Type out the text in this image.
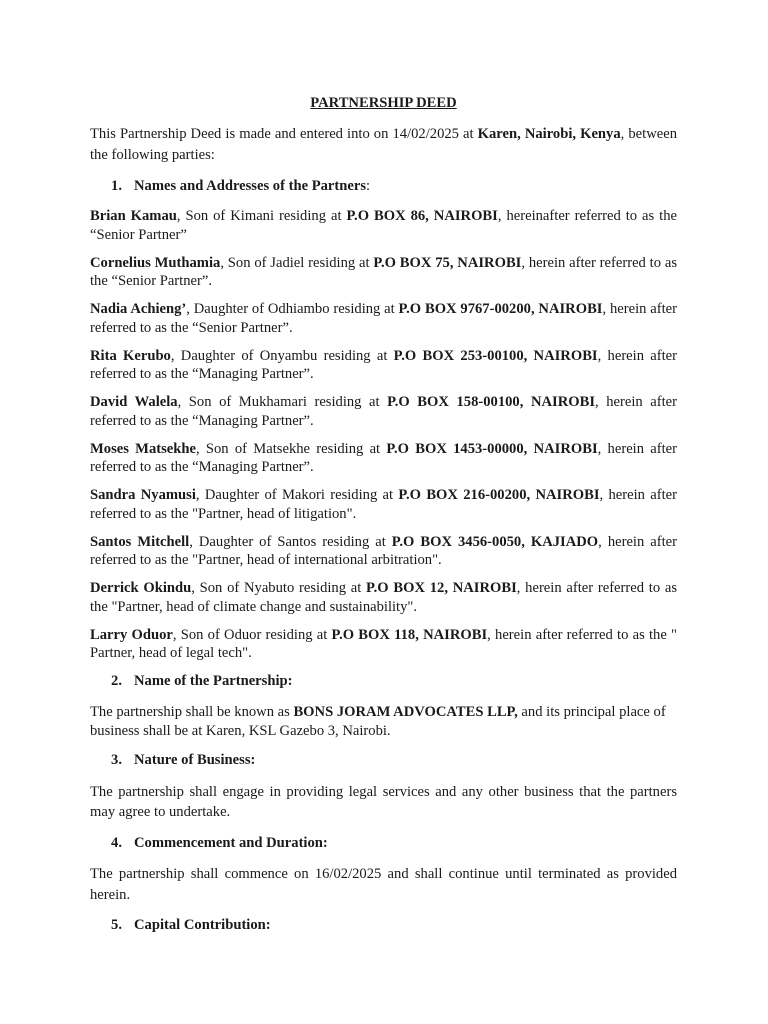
PARTNERSHIP DEED

This Partnership Deed is made and entered into on 14/02/2025 at Karen, Nairobi, Kenya, between the following parties:

1. Names and Addresses of the Partners :

Brian Kamau, Son of Kimani residing at P.O BOX 86, NAIROBI, hereinafter referred to as the “Senior Partner”

Cornelius Muthamia, Son of Jadiel residing at P.O BOX 75, NAIROBI, herein after referred to as the “Senior Partner”.

Nadia Achieng’, Daughter of Odhiambo residing at P.O BOX 9767-00200, NAIROBI, herein after referred to as the “Senior Partner”.

Rita Kerubo, Daughter of Onyambu residing at P.O BOX 253-00100, NAIROBI, herein after referred to as the “Managing Partner”.

David Walela, Son of Mukhamari residing at P.O BOX 158-00100, NAIROBI, herein after referred to as the “Managing Partner”.

Moses Matsekhe, Son of Matsekhe residing at P.O BOX 1453-00000, NAIROBI, herein after referred to as the “Managing Partner”.

Sandra Nyamusi, Daughter of Makori residing at P.O BOX 216-00200, NAIROBI, herein after referred to as the "Partner, head of litigation".

Santos Mitchell, Daughter of Santos residing at P.O BOX 3456-0050, KAJIADO, herein after referred to as the "Partner, head of international arbitration".

Derrick Okindu, Son of Nyabuto residing at P.O BOX 12, NAIROBI, herein after referred to as the "Partner, head of climate change and sustainability".

Larry Oduor, Son of Oduor residing at P.O BOX 118, NAIROBI, herein after referred to as the " Partner, head of legal tech".

2. Name of the Partnership:

The partnership shall be known as BONS JORAM ADVOCATES LLP, and its principal place of business shall be at Karen, KSL Gazebo 3, Nairobi.

3. Nature of Business:

The partnership shall engage in providing legal services and any other business that the partners may agree to undertake.

4. Commencement and Duration:

The partnership shall commence on 16/02/2025 and shall continue until terminated as provided herein.

5. Capital Contribution:
